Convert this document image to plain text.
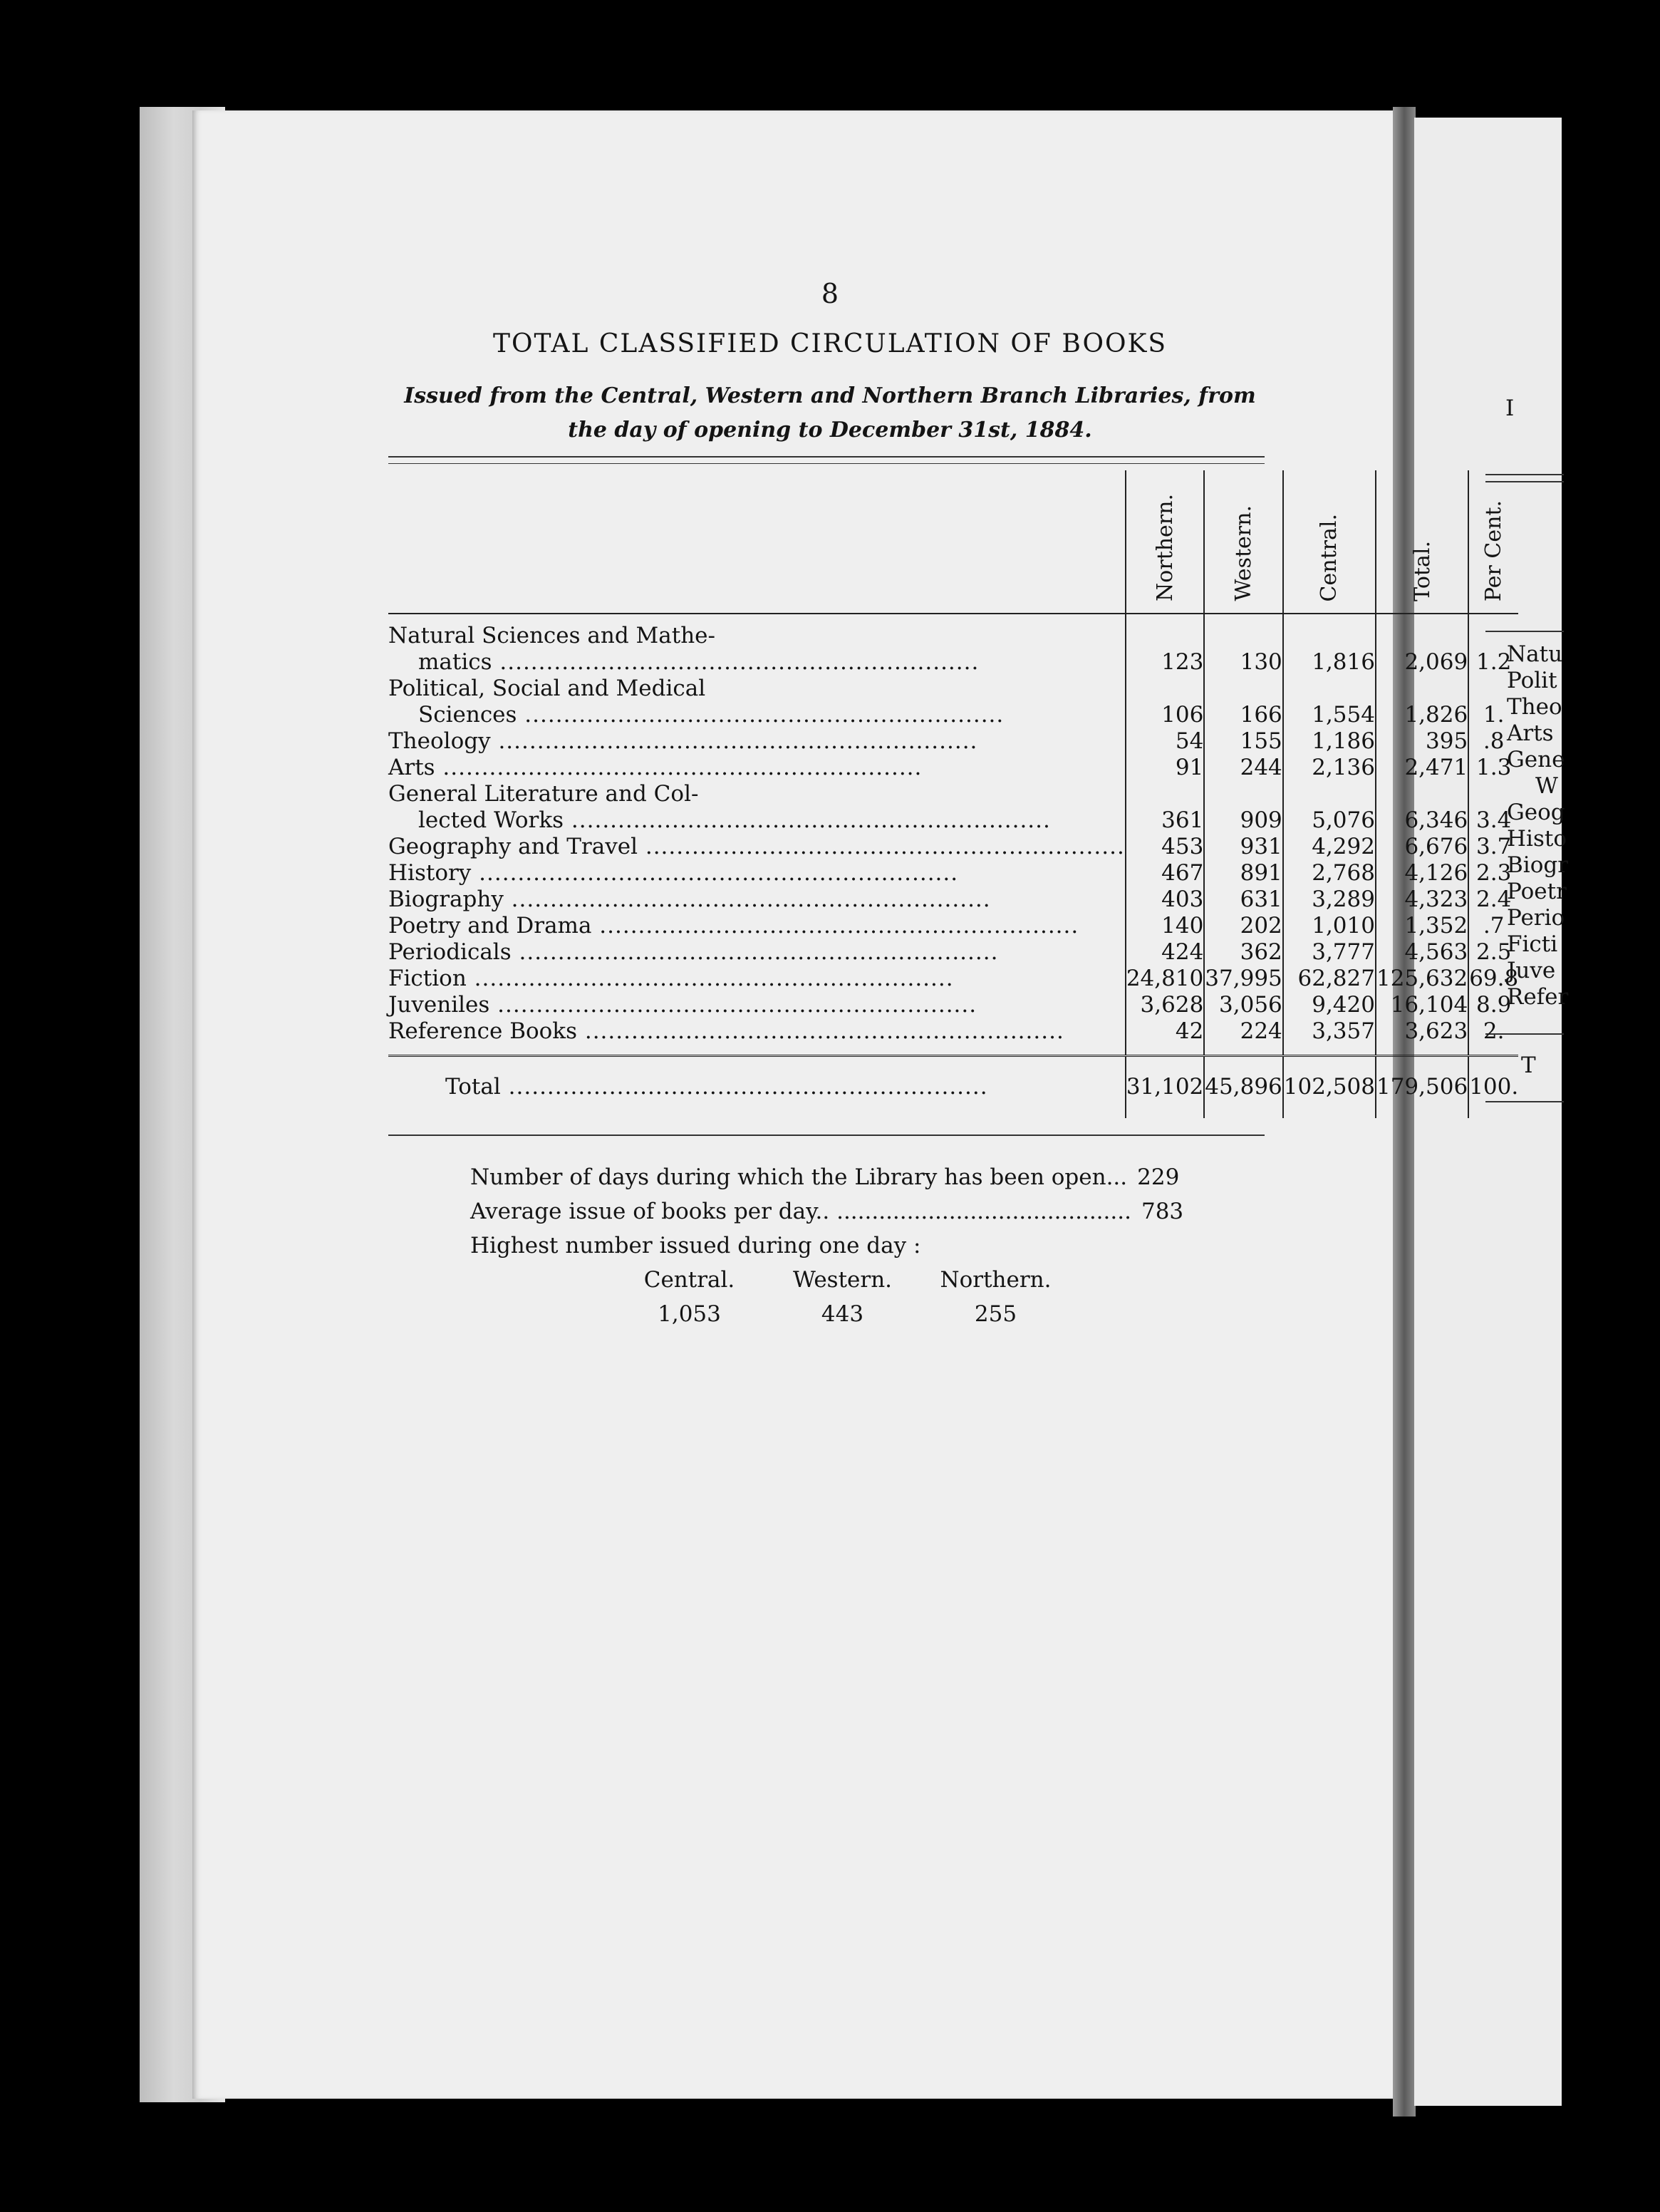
I
Natu
Polit
Theo
Arts
Gene
W
Geog
Histo
Biogr
Poetr
Perio
Ficti
Juve
Refer
T
8
TOTAL CLASSIFIED CIRCULATION OF BOOKS
Issued from the Central, Western and Northern Branch Libraries, from
the day of opening to December 31st, 1884.
	Northern.	Western.	Central.	Total.	Per Cent.
Natural Sciences and Mathe-
matics .....	123	130	1,816	2,069	1.2
Political, Social and Medical
Sciences .....	106	166	1,554	1,826	1.
Theology .....	54	155	1,186	395	.8
Arts .....	91	244	2,136	2,471	1.3
General Literature and Col-
lected Works .....	361	909	5,076	6,346	3.4
Geography and Travel .....	453	931	4,292	6,676	3.7
History .....	467	891	2,768	4,126	2.3
Biography .....	403	631	3,289	4,323	2.4
Poetry and Drama .....	140	202	1,010	1,352	.7
Periodicals .....	424	362	3,777	4,563	2.5
Fiction .....	24,810	37,995	62,827	125,632	69.8
Juveniles .....	3,628	3,056	9,420	16,104	8.9
Reference Books .....	42	224	3,357	3,623	2.
Total .....	31,102	45,896	102,508	179,506	100.
Number of days during which the Library has been open... 229
Average issue of books per day.. .......................................... 783
Highest number issued during one day :
Central.	Western. Northern.
1,053	443	255
